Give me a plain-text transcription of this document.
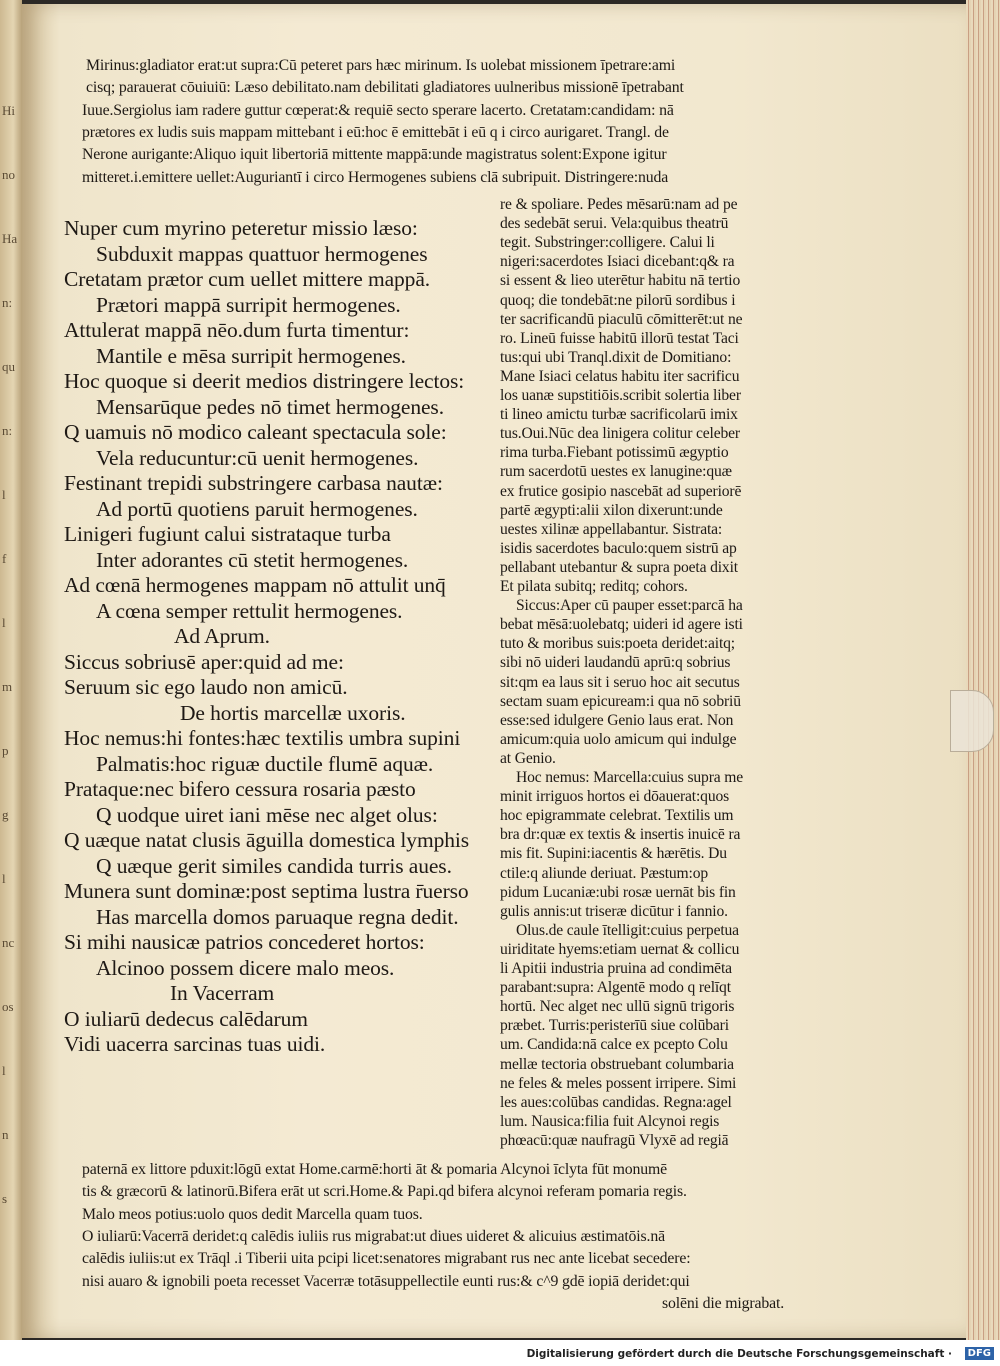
Hi
no
Ha
n:
qu
n:
l
f
l
m
p
g
l
nc
os
l
n
s
Mirinus:gladiator erat:ut supra:Cū peteret pars hæc mirinum. Is uolebat missionem īpetrare:ami
cisq; parauerat cōuiuiū: Læso debilitato.nam debilitati gladiatores uulneribus missionē īpetrabant
Iuue.Sergiolus iam radere guttur cœperat:& requiē secto sperare lacerto. Cretatam:candidam: nā
prætores ex ludis suis mappam mittebant i eū:hoc ē emittebāt i eū q i circo aurigaret. Trangl. de
Nerone aurigante:Aliquo iquit libertoriā mittente mappā:unde magistratus solent:Expone igitur
mitteret.i.emittere uellet:Auguriantī i circo Hermogenes subiens clā subripuit. Distringere:nuda
Nuper cum myrino peteretur missio læso:
Subduxit mappas quattuor hermogenes
Cretatam prætor cum uellet mittere mappā.
Prætori mappā surripit hermogenes.
Attulerat mappā nēo.dum furta timentur:
Mantile e mēsa surripit hermogenes.
Hoc quoque si deerit medios distringere lectos:
Mensarūque pedes nō timet hermogenes.
Q uamuis nō modico caleant spectacula sole:
Vela reducuntur:cū uenit hermogenes.
Festinant trepidi substringere carbasa nautæ:
Ad portū quotiens paruit hermogenes.
Linigeri fugiunt calui sistrataque turba
Inter adorantes cū stetit hermogenes.
Ad cœnā hermogenes mappam nō attulit unq̄
A cœna semper rettulit hermogenes.
Ad Aprum.
Siccus sobriusē aper:quid ad me:
Seruum sic ego laudo non amicū.
De hortis marcellæ uxoris.
Hoc nemus:hi fontes:hæc textilis umbra supini
Palmatis:hoc riguæ ductile flumē aquæ.
Prataque:nec bifero cessura rosaria pæsto
Q uodque uiret iani mēse nec alget olus:
Q uæque natat clusis āguilla domestica lymphis
Q uæque gerit similes candida turris aues.
Munera sunt dominæ:post septima lustra r̄uerso
Has marcella domos paruaque regna dedit.
Si mihi nausicæ patrios concederet hortos:
Alcinoo possem dicere malo meos.
In Vacerram
O iuliarū dedecus calēdarum
Vidi uacerra sarcinas tuas uidi.
re & spoliare. Pedes mēsarū:nam ad pe
des sedebāt serui. Vela:quibus theatrū
tegit. Substringer:colligere. Calui li
nigeri:sacerdotes Isiaci dicebant:q& ra
si essent & lieo uterētur habitu nā tertio
quoq; die tondebāt:ne pilorū sordibus i
ter sacrificandū piaculū cōmitterēt:ut ne
ro. Lineū fuisse habitū illorū testat Taci
tus:qui ubi Tranql.dixit de Domitiano:
Mane Isiaci celatus habitu iter sacrificu
los uanæ supstitiōis.scribit solertia liber
ti lineo amictu turbæ sacrificolarū imix
tus.Oui.Nūc dea linigera colitur celeber
rima turba.Fiebant potissimū ægyptio
rum sacerdotū uestes ex lanugine:quæ
ex frutice gosipio nascebāt ad superiorē
partē ægypti:alii xilon dixerunt:unde
uestes xilinæ appellabantur. Sistrata:
isidis sacerdotes baculo:quem sistrū ap
pellabant utebantur & supra poeta dixit
Et pilata subitq; reditq; cohors.
Siccus:Aper cū pauper esset:parcā ha
bebat mēsā:uolebatq; uideri id agere isti
tuto & moribus suis:poeta deridet:aitq;
sibi nō uideri laudandū aprū:q sobrius
sit:qm ea laus sit i seruo hoc ait secutus
sectam suam epicuream:i qua nō sobriū
esse:sed idulgere Genio laus erat. Non
amicum:quia uolo amicum qui indulge
at Genio.
Hoc nemus: Marcella:cuius supra me
minit irriguos hortos ei dōauerat:quos
hoc epigrammate celebrat. Textilis um
bra dr:quæ ex textis & insertis inuicē ra
mis fit. Supini:iacentis & hærētis. Du
ctile:q aliunde deriuat. Pæstum:op
pidum Lucaniæ:ubi rosæ uernāt bis fin
gulis annis:ut triseræ dicūtur i fannio.
Olus.de caule ītelligit:cuius perpetua
uiriditate hyems:etiam uernat & collicu
li Apitii industria pruina ad condimēta
parabant:supra: Algentē modo q relīqt
hortū. Nec alget nec ullū signū trigoris
præbet. Turris:peristerīū siue colūbari
um. Candida:nā calce ex pcepto Colu
mellæ tectoria obstruebant columbaria
ne feles & meles possent irripere. Simi
les aues:colūbas candidas. Regna:agel
lum. Nausica:filia fuit Alcynoi regis
phœacū:quæ naufragū Vlyxē ad regiā
paternā ex littore pduxit:lōgū extat Home.carmē:horti āt & pomaria Alcynoi īclyta fūt monumē
tis & græcorū & latinorū.Bifera erāt ut scri.Home.& Papi.qd bifera alcynoi referam pomaria regis.
Malo meos potius:uolo quos dedit Marcella quam tuos.
O iuliarū:Vacerrā deridet:q calēdis iuliis rus migrabat:ut diues uideret & alicuius æstimatōis.nā
calēdis iuliis:ut ex Trāql .i Tiberii uita pcipi licet:senatores migrabant rus nec ante licebat secedere:
nisi auaro & ignobili poeta recesset Vacerræ totāsuppellectile eunti rus:& c^9 gdē iopiā deridet:qui
solēni die migrabat.
Digitalisierung gefördert durch die Deutsche Forschungsgemeinschaft ·	DFG
